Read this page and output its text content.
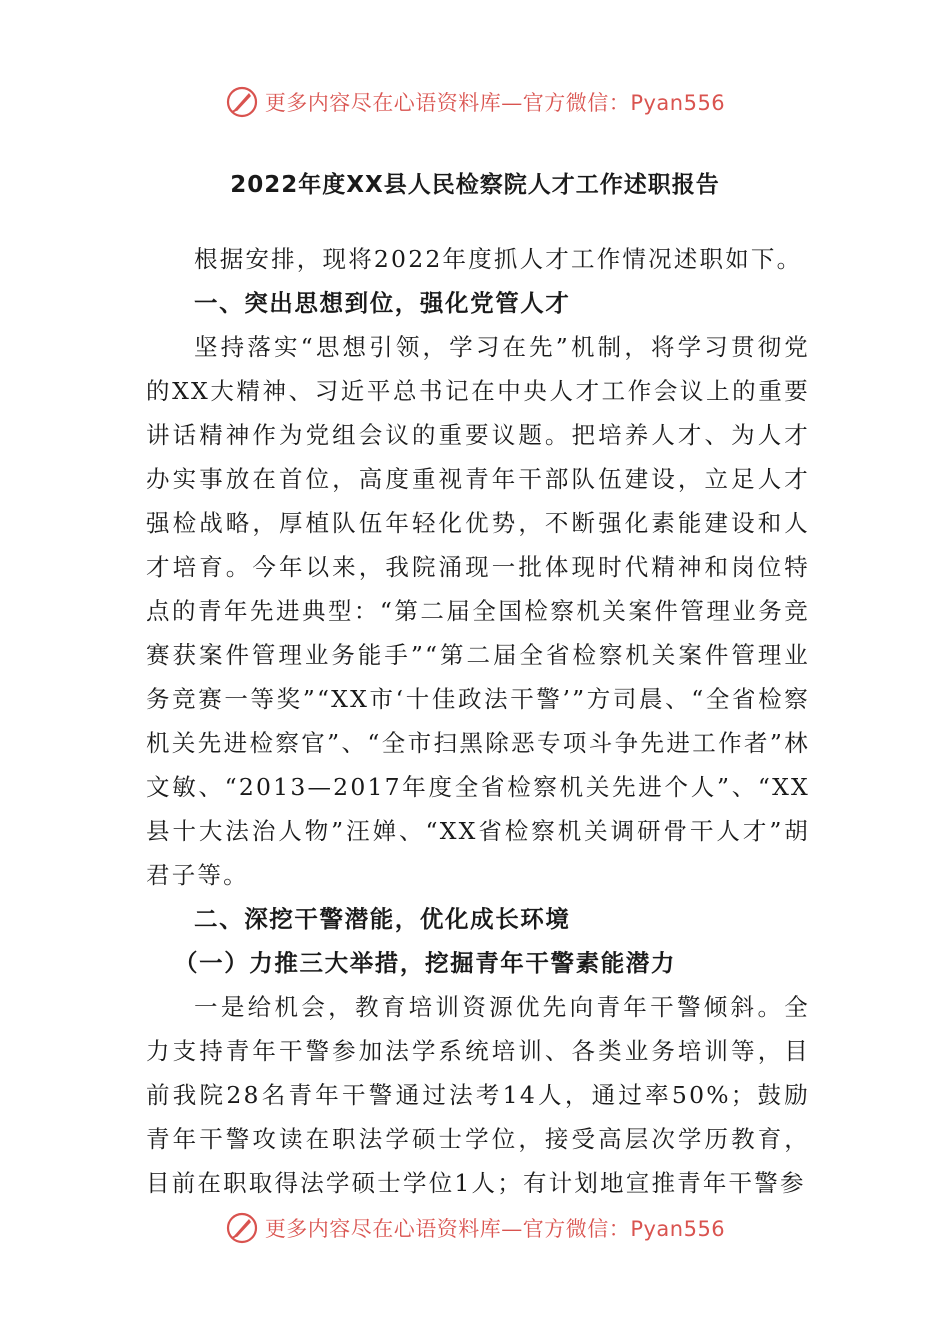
更多内容尽在心语资料库—官方微信：Pyan556
2022年度XX县人民检察院人才工作述职报告

根据安排，现将2022年度抓人才工作情况述职如下。

一、突出思想到位，强化党管人才

坚持落实“思想引领，学习在先”机制，将学习贯彻党的XX大精神、习近平总书记在中央人才工作会议上的重要讲话精神作为党组会议的重要议题。把培养人才、为人才办实事放在首位，高度重视青年干部队伍建设，立足人才强检战略，厚植队伍年轻化优势，不断强化素能建设和人才培育。今年以来，我院涌现一批体现时代精神和岗位特点的青年先进典型：“第二届全国检察机关案件管理业务竞赛获案件管理业务能手”“第二届全省检察机关案件管理业务竞赛一等奖”“XX市‘十佳政法干警’”方司晨、“全省检察机关先进检察官”、“全市扫黑除恶专项斗争先进工作者”林文敏、“2013—2017年度全省检察机关先进个人”、“XX县十大法治人物”汪婵、“XX省检察机关调研骨干人才”胡君子等。

二、深挖干警潜能，优化成长环境
（一）力推三大举措，挖掘青年干警素能潜力

一是给机会，教育培训资源优先向青年干警倾斜。全力支持青年干警参加法学系统培训、各类业务培训等，目前我院28名青年干警通过法考14人，通过率50%；鼓励青年干警攻读在职法学硕士学位，接受高层次学历教育，目前在职取得法学硕士学位1人；有计划地宣推青年干警参

更多内容尽在心语资料库—官方微信：Pyan556
